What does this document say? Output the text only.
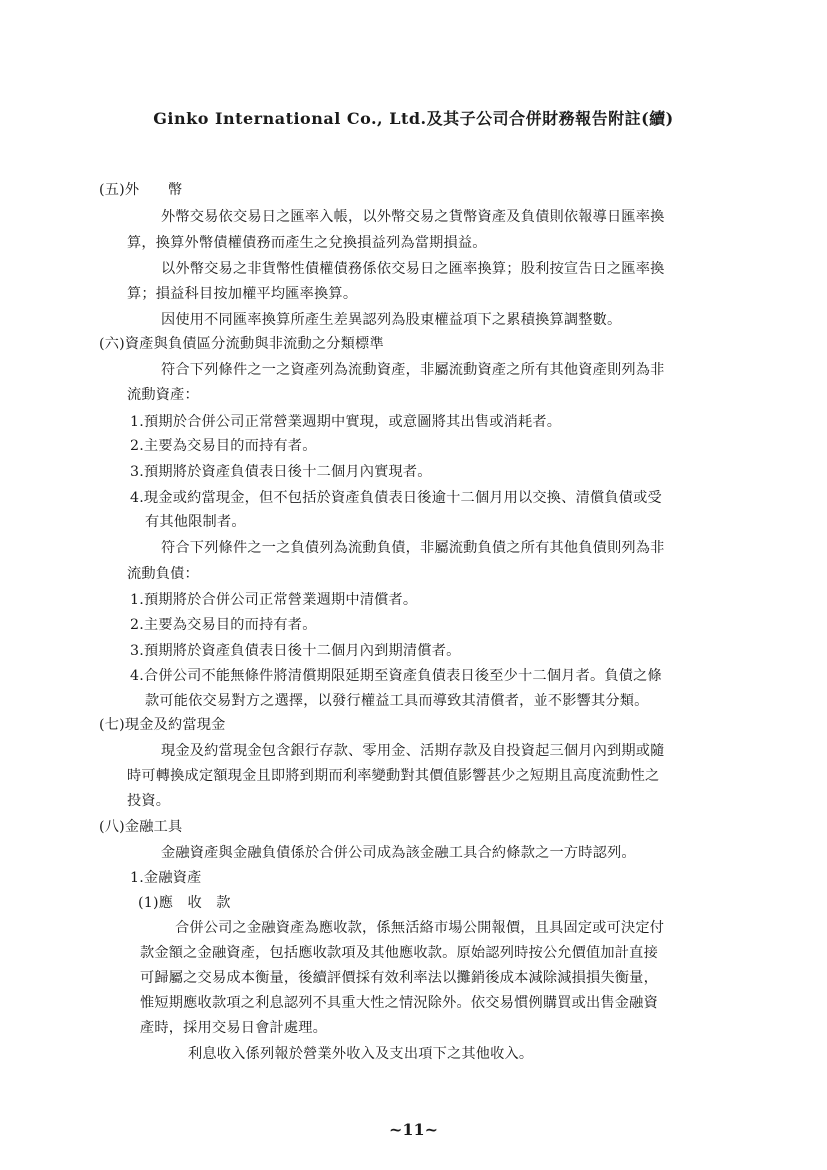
Ginko International Co., Ltd.及其子公司合併財務報告附註(續)
(五)外　　幣
外幣交易依交易日之匯率入帳，以外幣交易之貨幣資產及負債則依報導日匯率換
算，換算外幣債權債務而產生之兌換損益列為當期損益。
以外幣交易之非貨幣性債權債務係依交易日之匯率換算；股利按宣告日之匯率換
算；損益科目按加權平均匯率換算。
因使用不同匯率換算所產生差異認列為股東權益項下之累積換算調整數。
(六)資產與負債區分流動與非流動之分類標準
符合下列條件之一之資產列為流動資產，非屬流動資產之所有其他資產則列為非
流動資產：
1.預期於合併公司正常營業週期中實現，或意圖將其出售或消耗者。
2.主要為交易目的而持有者。
3.預期將於資產負債表日後十二個月內實現者。
4.現金或約當現金，但不包括於資產負債表日後逾十二個月用以交換、清償負債或受
有其他限制者。
符合下列條件之一之負債列為流動負債，非屬流動負債之所有其他負債則列為非
流動負債：
1.預期將於合併公司正常營業週期中清償者。
2.主要為交易目的而持有者。
3.預期將於資產負債表日後十二個月內到期清償者。
4.合併公司不能無條件將清償期限延期至資產負債表日後至少十二個月者。負債之條
款可能依交易對方之選擇，以發行權益工具而導致其清償者，並不影響其分類。
(七)現金及約當現金
現金及約當現金包含銀行存款、零用金、活期存款及自投資起三個月內到期或隨
時可轉換成定額現金且即將到期而利率變動對其價值影響甚少之短期且高度流動性之
投資。
(八)金融工具
金融資產與金融負債係於合併公司成為該金融工具合約條款之一方時認列。
1.金融資產
(1)應　收　款
合併公司之金融資產為應收款，係無活絡市場公開報價，且具固定或可決定付
款金額之金融資產，包括應收款項及其他應收款。原始認列時按公允價值加計直接
可歸屬之交易成本衡量，後續評價採有效利率法以攤銷後成本減除減損損失衡量，
惟短期應收款項之利息認列不具重大性之情況除外。依交易慣例購買或出售金融資
產時，採用交易日會計處理。
利息收入係列報於營業外收入及支出項下之其他收入。
~11~
